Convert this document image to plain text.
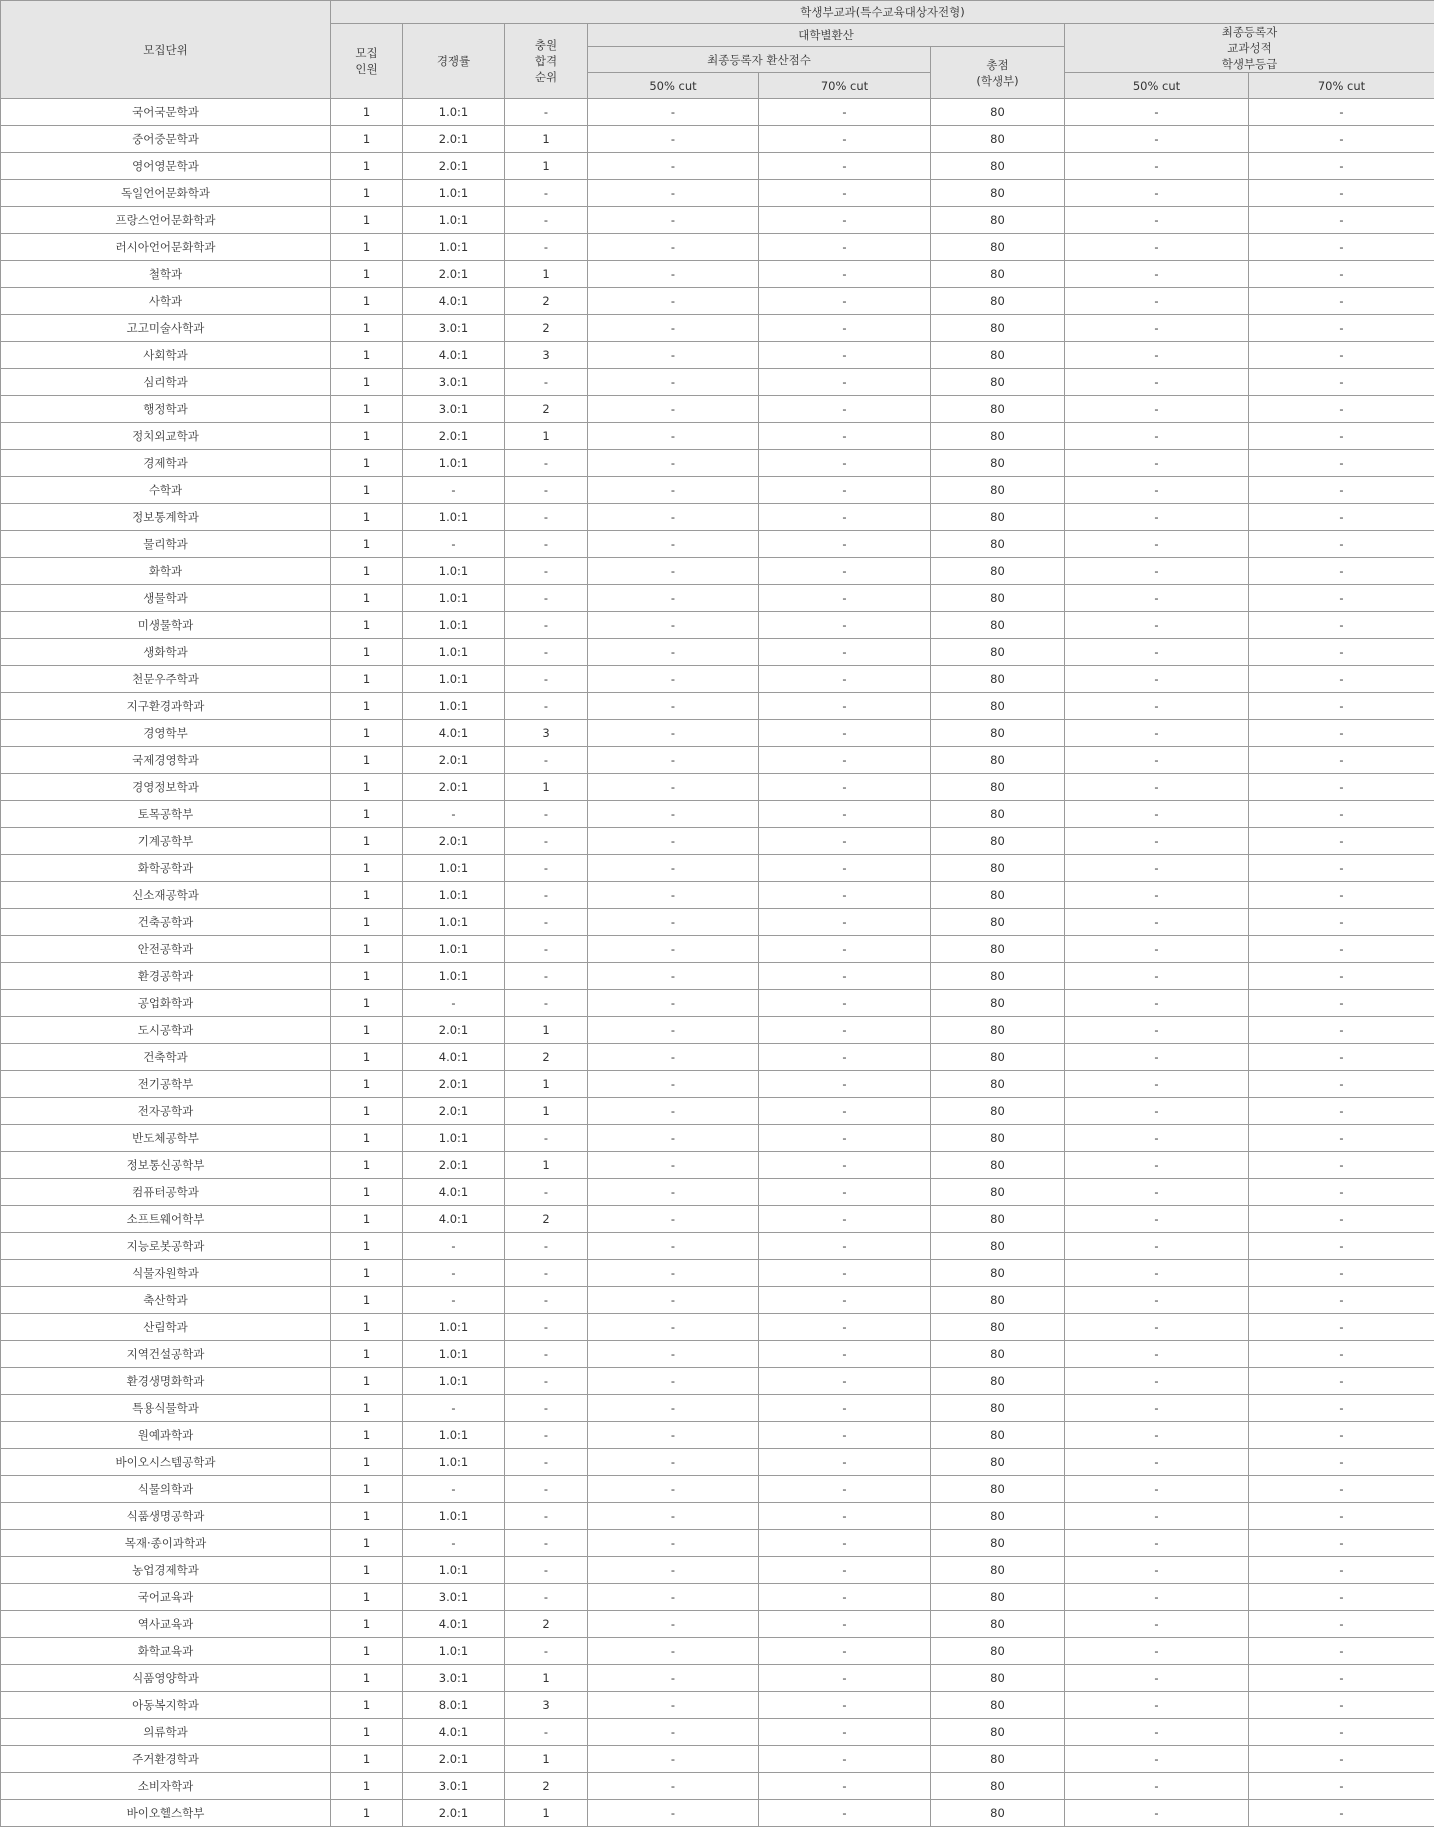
모집단위	학생부교과(특수교육대상자전형)							
	모집
인원	경쟁률	충원
합격
순위	대학별환산			최종등록자
교과성적
학생부등급	
				최종등록자 환산점수		총점
(학생부)		
				50% cut	70% cut		50% cut	70% cut
국어국문학과	1	1.0:1	-	-	-	80	-	-
중어중문학과	1	2.0:1	1	-	-	80	-	-
영어영문학과	1	2.0:1	1	-	-	80	-	-
독일언어문화학과	1	1.0:1	-	-	-	80	-	-
프랑스언어문화학과	1	1.0:1	-	-	-	80	-	-
러시아언어문화학과	1	1.0:1	-	-	-	80	-	-
철학과	1	2.0:1	1	-	-	80	-	-
사학과	1	4.0:1	2	-	-	80	-	-
고고미술사학과	1	3.0:1	2	-	-	80	-	-
사회학과	1	4.0:1	3	-	-	80	-	-
심리학과	1	3.0:1	-	-	-	80	-	-
행정학과	1	3.0:1	2	-	-	80	-	-
정치외교학과	1	2.0:1	1	-	-	80	-	-
경제학과	1	1.0:1	-	-	-	80	-	-
수학과	1	-	-	-	-	80	-	-
정보통계학과	1	1.0:1	-	-	-	80	-	-
물리학과	1	-	-	-	-	80	-	-
화학과	1	1.0:1	-	-	-	80	-	-
생물학과	1	1.0:1	-	-	-	80	-	-
미생물학과	1	1.0:1	-	-	-	80	-	-
생화학과	1	1.0:1	-	-	-	80	-	-
천문우주학과	1	1.0:1	-	-	-	80	-	-
지구환경과학과	1	1.0:1	-	-	-	80	-	-
경영학부	1	4.0:1	3	-	-	80	-	-
국제경영학과	1	2.0:1	-	-	-	80	-	-
경영정보학과	1	2.0:1	1	-	-	80	-	-
토목공학부	1	-	-	-	-	80	-	-
기계공학부	1	2.0:1	-	-	-	80	-	-
화학공학과	1	1.0:1	-	-	-	80	-	-
신소재공학과	1	1.0:1	-	-	-	80	-	-
건축공학과	1	1.0:1	-	-	-	80	-	-
안전공학과	1	1.0:1	-	-	-	80	-	-
환경공학과	1	1.0:1	-	-	-	80	-	-
공업화학과	1	-	-	-	-	80	-	-
도시공학과	1	2.0:1	1	-	-	80	-	-
건축학과	1	4.0:1	2	-	-	80	-	-
전기공학부	1	2.0:1	1	-	-	80	-	-
전자공학과	1	2.0:1	1	-	-	80	-	-
반도체공학부	1	1.0:1	-	-	-	80	-	-
정보통신공학부	1	2.0:1	1	-	-	80	-	-
컴퓨터공학과	1	4.0:1	-	-	-	80	-	-
소프트웨어학부	1	4.0:1	2	-	-	80	-	-
지능로봇공학과	1	-	-	-	-	80	-	-
식물자원학과	1	-	-	-	-	80	-	-
축산학과	1	-	-	-	-	80	-	-
산림학과	1	1.0:1	-	-	-	80	-	-
지역건설공학과	1	1.0:1	-	-	-	80	-	-
환경생명화학과	1	1.0:1	-	-	-	80	-	-
특용식물학과	1	-	-	-	-	80	-	-
원예과학과	1	1.0:1	-	-	-	80	-	-
바이오시스템공학과	1	1.0:1	-	-	-	80	-	-
식물의학과	1	-	-	-	-	80	-	-
식품생명공학과	1	1.0:1	-	-	-	80	-	-
목재·종이과학과	1	-	-	-	-	80	-	-
농업경제학과	1	1.0:1	-	-	-	80	-	-
국어교육과	1	3.0:1	-	-	-	80	-	-
역사교육과	1	4.0:1	2	-	-	80	-	-
화학교육과	1	1.0:1	-	-	-	80	-	-
식품영양학과	1	3.0:1	1	-	-	80	-	-
아동복지학과	1	8.0:1	3	-	-	80	-	-
의류학과	1	4.0:1	-	-	-	80	-	-
주거환경학과	1	2.0:1	1	-	-	80	-	-
소비자학과	1	3.0:1	2	-	-	80	-	-
바이오헬스학부	1	2.0:1	1	-	-	80	-	-
